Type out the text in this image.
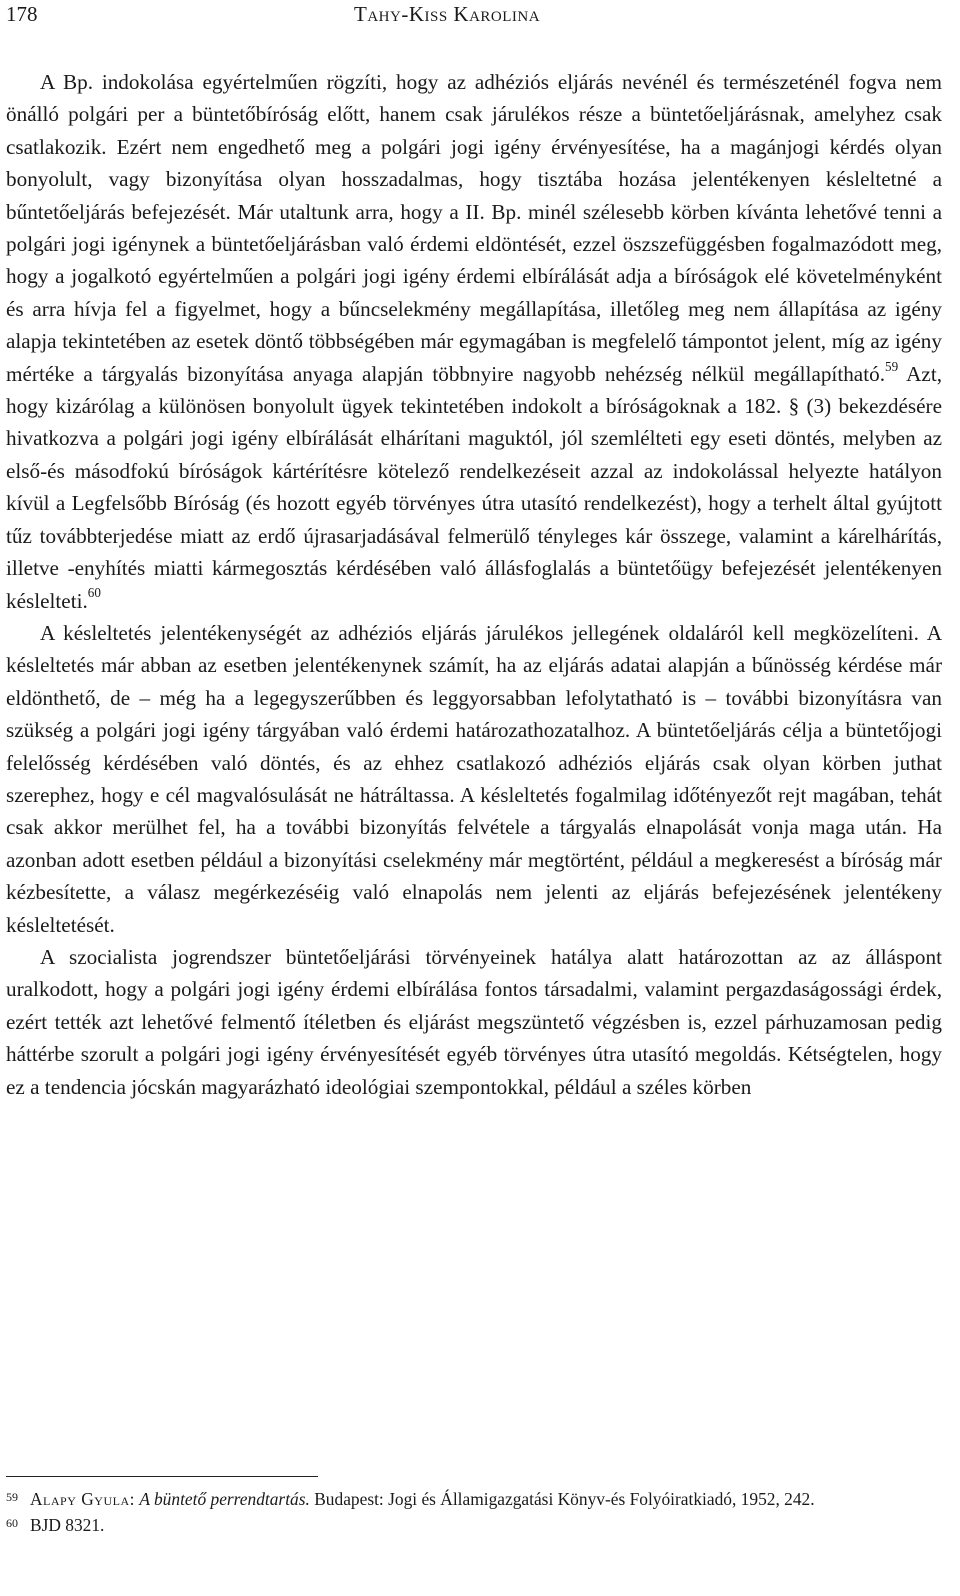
178	Tahy-Kiss Karolina

A Bp. indokolása egyértelműen rögzíti, hogy az adhéziós eljárás nevénél és természeténél fogva nem önálló polgári per a büntetőbíróság előtt, hanem csak járulékos része a büntetőeljárásnak, amelyhez csak csatlakozik. Ezért nem engedhető meg a polgári jogi igény érvényesítése, ha a magánjogi kérdés olyan bonyolult, vagy bizonyítása olyan hosszadalmas, hogy tisztába hozása jelentékenyen késleltetné a bűntetőeljárás befejezését. Már utaltunk arra, hogy a II. Bp. minél szélesebb körben kívánta lehetővé tenni a polgári jogi igénynek a büntetőeljárásban való érdemi eldöntését, ezzel öszszefüggésben fogalmazódott meg, hogy a jogalkotó egyértelműen a polgári jogi igény érdemi elbírálását adja a bíróságok elé követelményként és arra hívja fel a figyelmet, hogy a bűncselekmény megállapítása, illetőleg meg nem állapítása az igény alapja tekintetében az esetek döntő többségében már egymagában is megfelelő támpontot jelent, míg az igény mértéke a tárgyalás bizonyítása anyaga alapján többnyire nagyobb nehézség nélkül megállapítható.$^{59}$ Azt, hogy kizárólag a különösen bonyolult ügyek tekintetében indokolt a bíróságoknak a 182. § (3) bekezdésére hivatkozva a polgári jogi igény elbírálását elhárítani maguktól, jól szemlélteti egy eseti döntés, melyben az első-és másodfokú bíróságok kártérítésre kötelező rendelkezéseit azzal az indokolással helyezte hatályon kívül a Legfelsőbb Bíróság (és hozott egyéb törvényes útra utasító rendelkezést), hogy a terhelt által gyújtott tűz továbbterjedése miatt az erdő újrasarjadásával felmerülő tényleges kár összege, valamint a kárelhárítás, illetve -enyhítés miatti kármegosztás kérdésében való állásfoglalás a büntetőügy befejezését jelentékenyen késlelteti.$^{60}$

A késleltetés jelentékenységét az adhéziós eljárás járulékos jellegének oldaláról kell megközelíteni. A késleltetés már abban az esetben jelentékenynek számít, ha az eljárás adatai alapján a bűnösség kérdése már eldönthető, de – még ha a legegyszerűbben és leggyorsabban lefolytatható is – további bizonyításra van szükség a polgári jogi igény tárgyában való érdemi határozathozatalhoz. A büntetőeljárás célja a büntetőjogi felelősség kérdésében való döntés, és az ehhez csatlakozó adhéziós eljárás csak olyan körben juthat szerephez, hogy e cél magvalósulását ne hátráltassa. A késleltetés fogalmilag időtényezőt rejt magában, tehát csak akkor merülhet fel, ha a további bizonyítás felvétele a tárgyalás elnapolását vonja maga után. Ha azonban adott esetben például a bizonyítási cselekmény már megtörtént, például a megkeresést a bíróság már kézbesítette, a válasz megérkezéséig való elnapolás nem jelenti az eljárás befejezésének jelentékeny késleltetését.

A szocialista jogrendszer büntetőeljárási törvényeinek hatálya alatt határozottan az az álláspont uralkodott, hogy a polgári jogi igény érdemi elbírálása fontos társadalmi, valamint pergazdaságossági érdek, ezért tették azt lehetővé felmentő ítéletben és eljárást megszüntető végzésben is, ezzel párhuzamosan pedig háttérbe szorult a polgári jogi igény érvényesítését egyéb törvényes útra utasító megoldás. Kétségtelen, hogy ez a tendencia jócskán magyarázható ideológiai szempontokkal, például a széles körben

59 Alapy Gyula: A büntető perrendtartás. Budapest: Jogi és Államigazgatási Könyv-és Folyóiratkiadó, 1952, 242.
60 BJD 8321.
